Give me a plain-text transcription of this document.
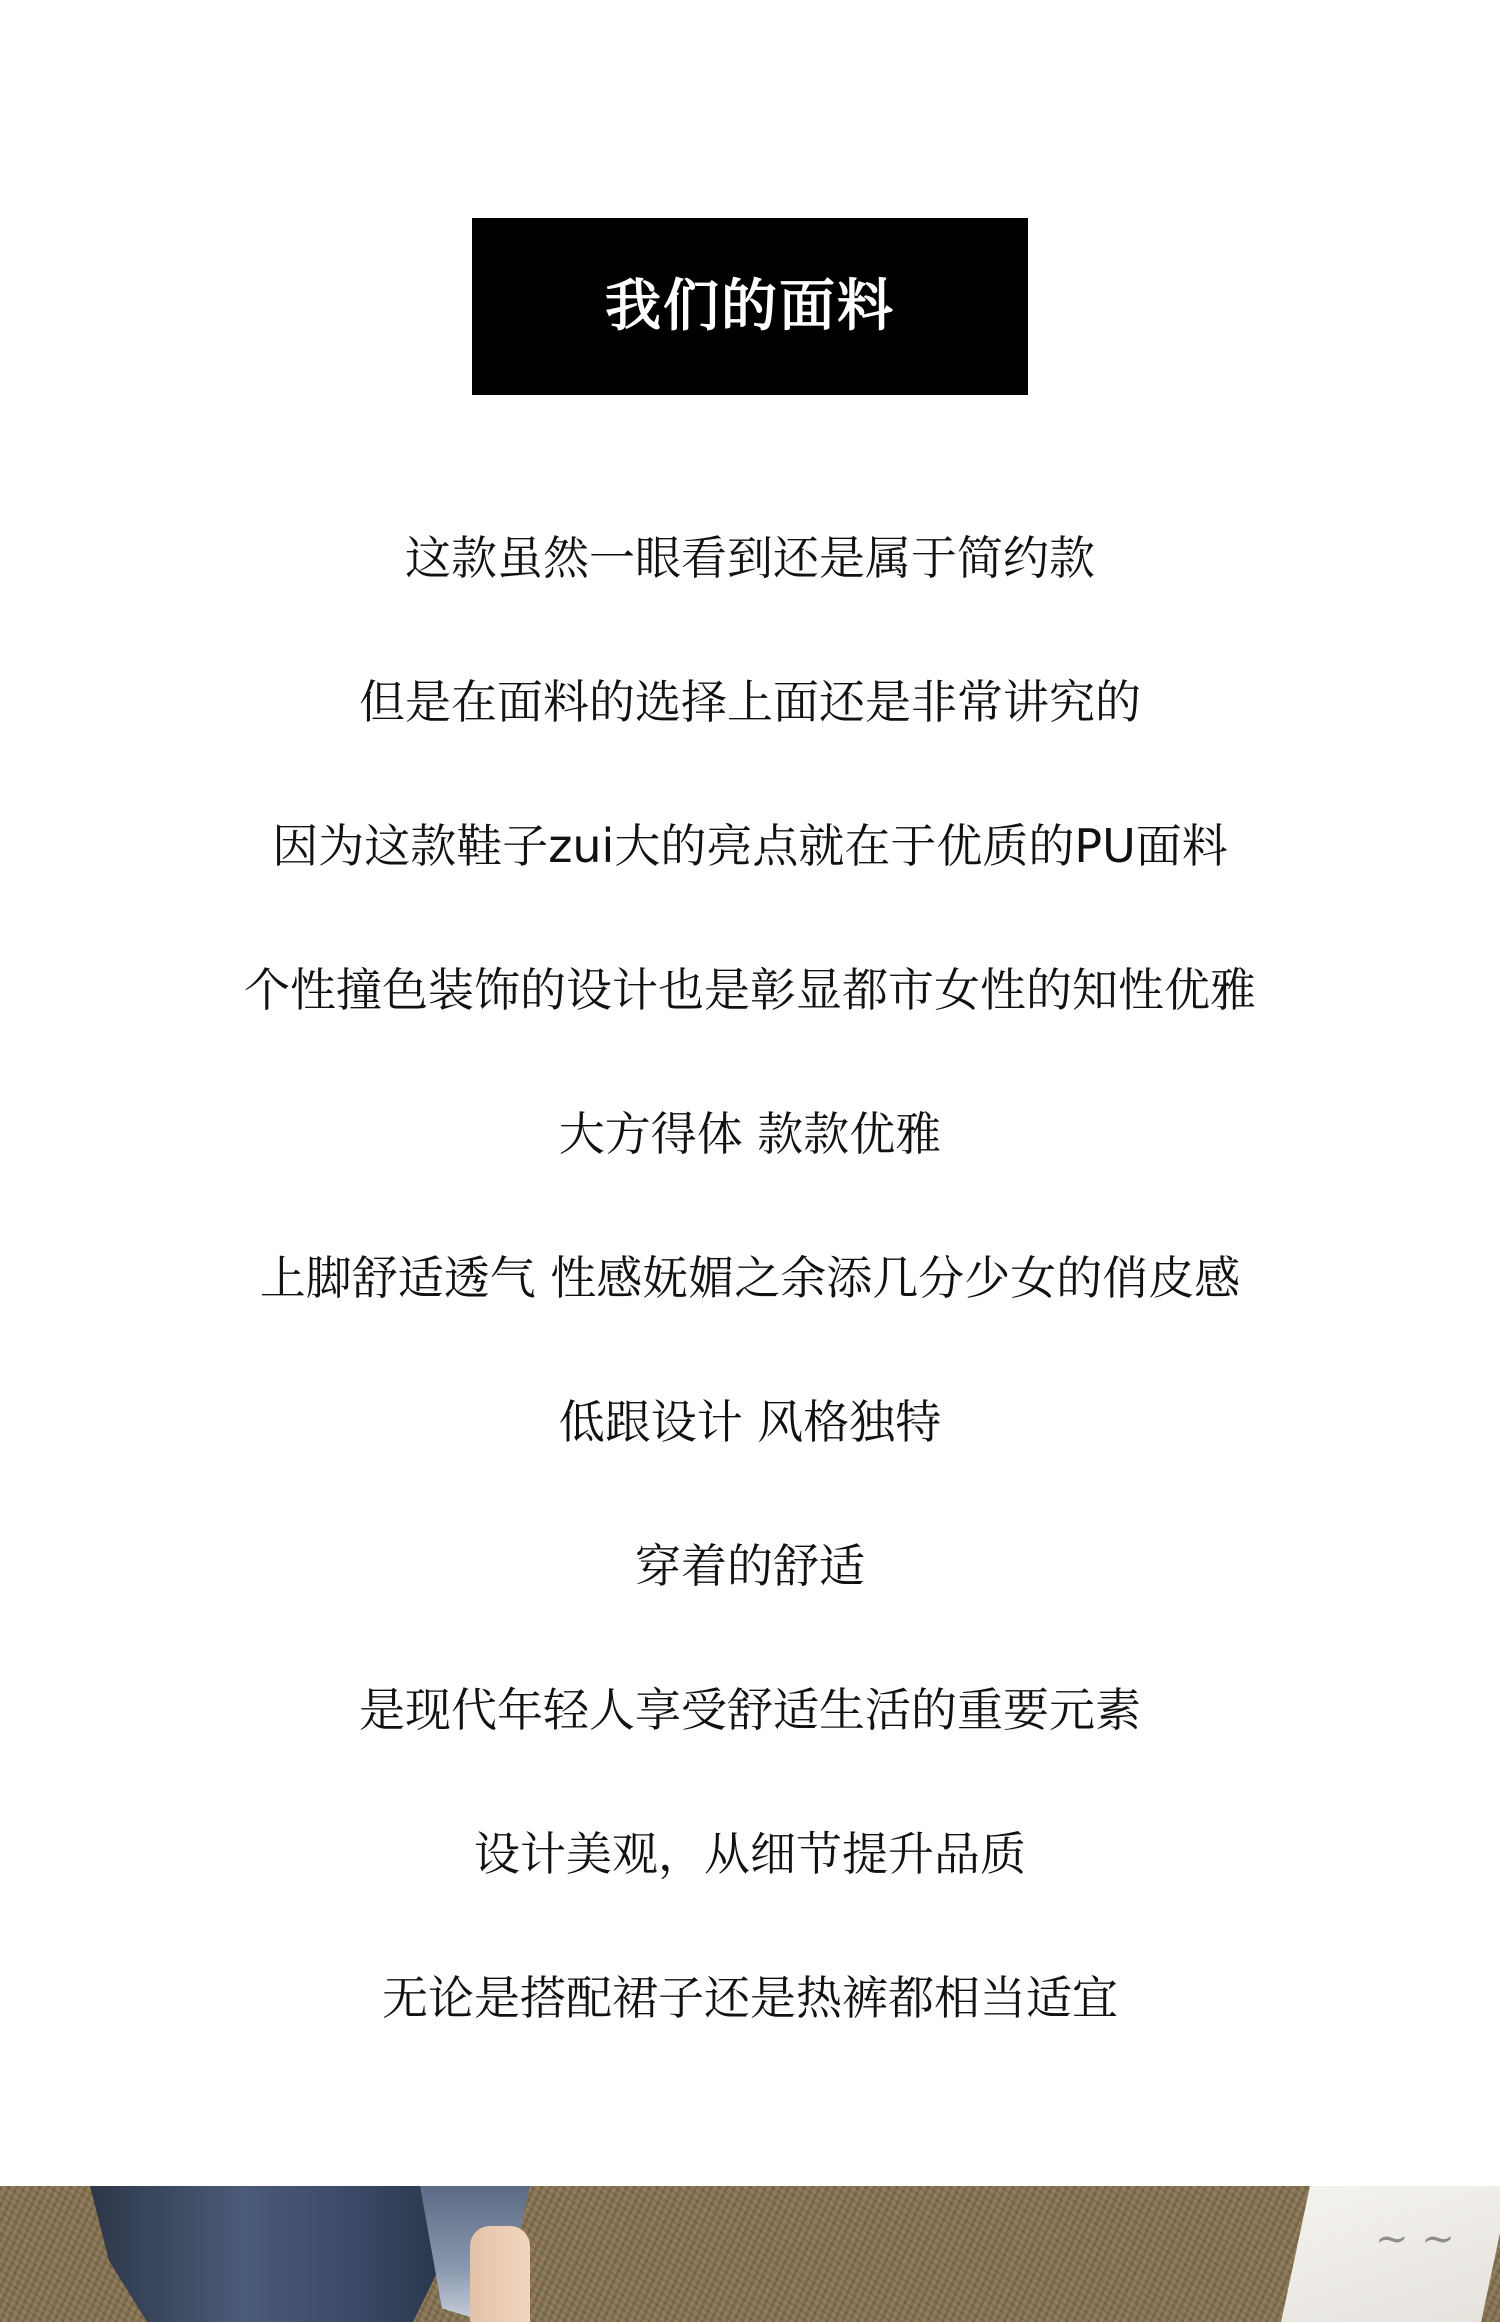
我们的面料
这款虽然一眼看到还是属于简约款
但是在面料的选择上面还是非常讲究的
因为这款鞋子zui大的亮点就在于优质的PU面料
个性撞色装饰的设计也是彰显都市女性的知性优雅
大方得体 款款优雅
上脚舒适透气 性感妩媚之余添几分少女的俏皮感
低跟设计 风格独特
穿着的舒适
是现代年轻人享受舒适生活的重要元素
设计美观，从细节提升品质
无论是搭配裙子还是热裤都相当适宜
~ ~
